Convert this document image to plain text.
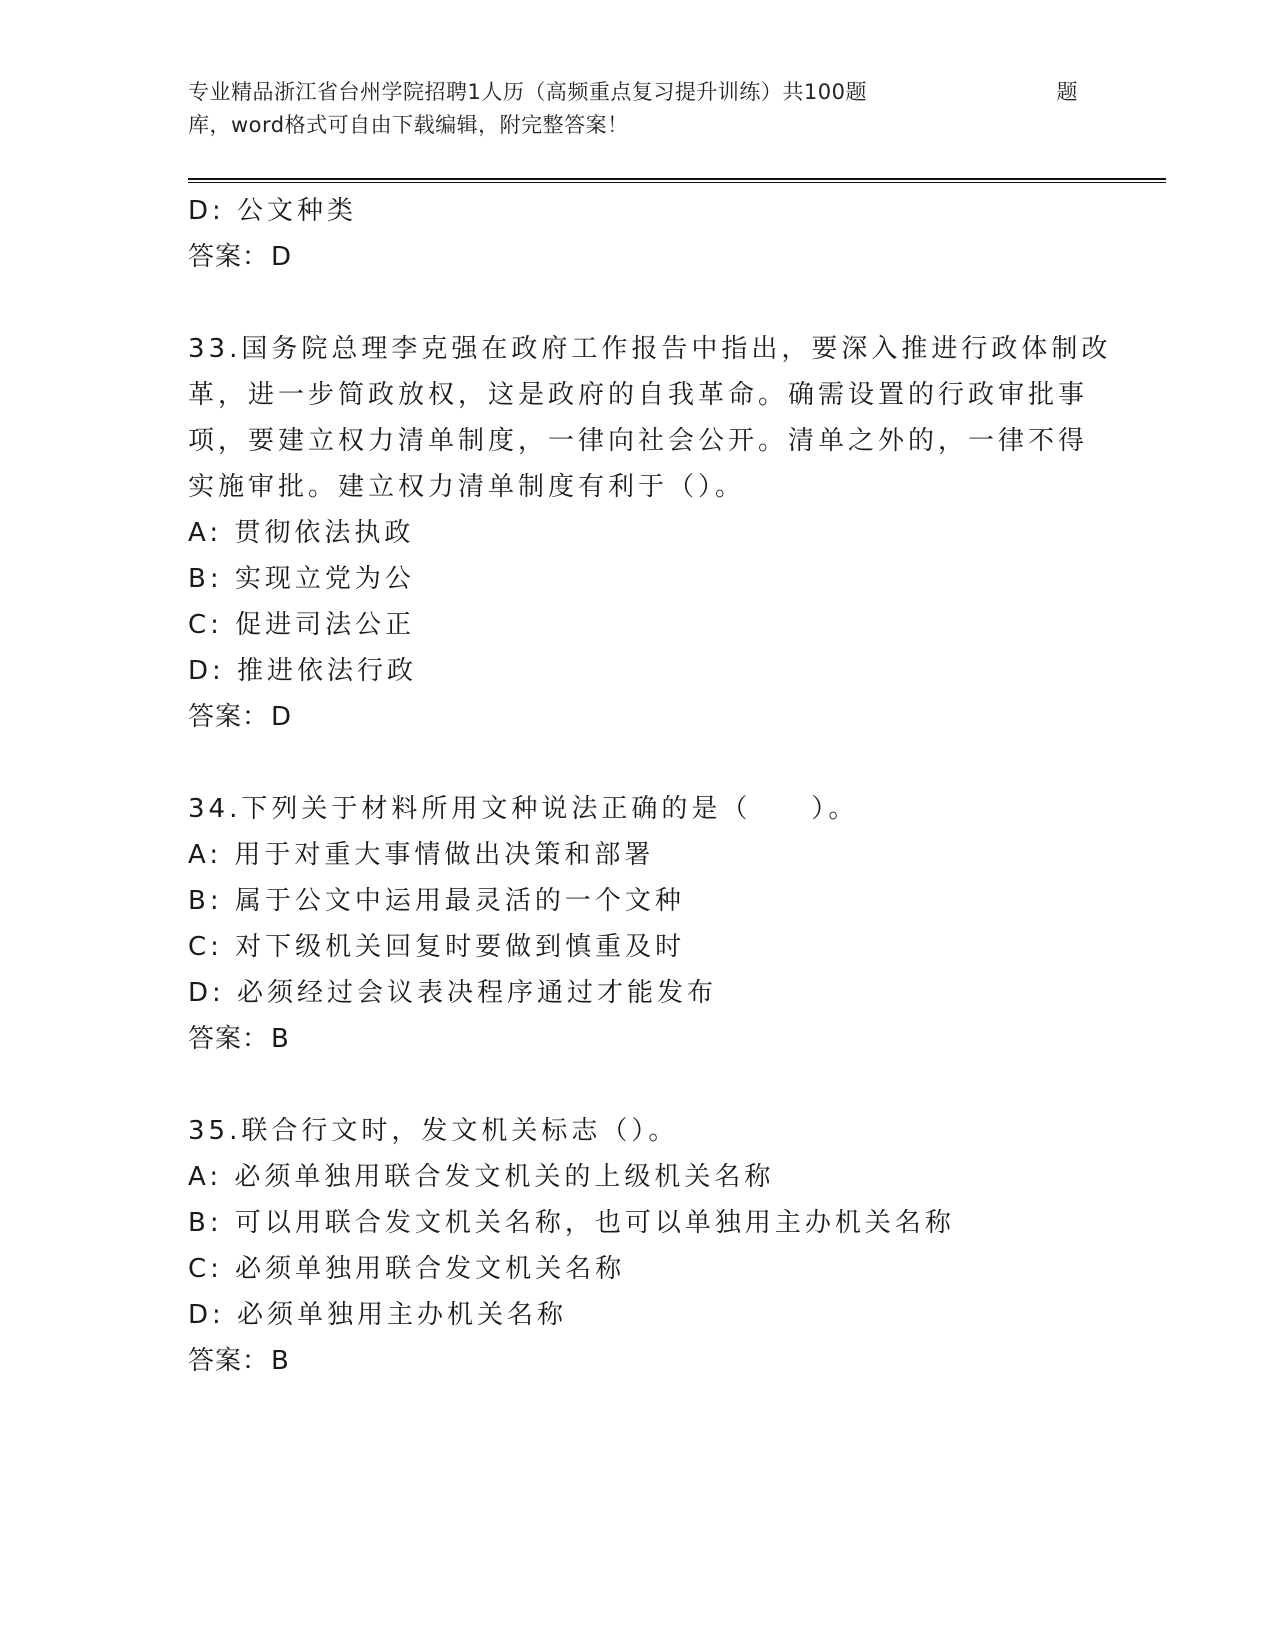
专业精品浙江省台州学院招聘1人历（高频重点复习提升训练）共100题	题
库，word格式可自由下载编辑，附完整答案！
D: 公文种类
答案：D
33.国务院总理李克强在政府工作报告中指出，要深入推进行政体制改
革，进一步简政放权，这是政府的自我革命。确需设置的行政审批事
项，要建立权力清单制度，一律向社会公开。清单之外的，一律不得
实施审批。建立权力清单制度有利于（）。
A: 贯彻依法执政
B: 实现立党为公
C: 促进司法公正
D: 推进依法行政
答案：D
34.下列关于材料所用文种说法正确的是（　　）。
A: 用于对重大事情做出决策和部署
B: 属于公文中运用最灵活的一个文种
C: 对下级机关回复时要做到慎重及时
D: 必须经过会议表决程序通过才能发布
答案：B
35.联合行文时，发文机关标志（）。
A: 必须单独用联合发文机关的上级机关名称
B: 可以用联合发文机关名称，也可以单独用主办机关名称
C: 必须单独用联合发文机关名称
D: 必须单独用主办机关名称
答案：B
